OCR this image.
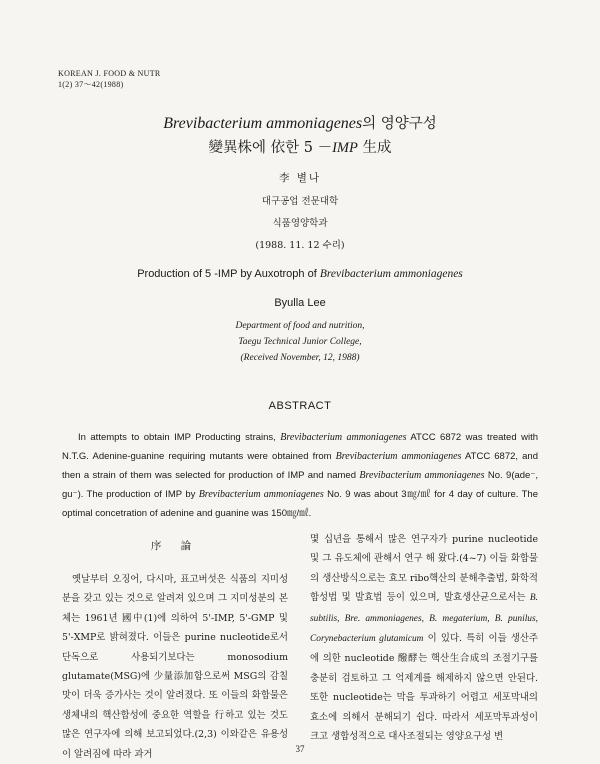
KOREAN J. FOOD & NUTR
1(2) 37～42(1988)
Brevibacterium ammoniagenes의 영양구성
變異株에 依한 5 －IMP 生成
李 별나
대구공업 전문대학
식품영양학과
(1988. 11. 12 수리)
Production of 5 -IMP by Auxotroph of Brevibacterium ammoniagenes
Byulla Lee
Department of food and nutrition,
Taegu Technical Junior College,
(Received November, 12, 1988)
ABSTRACT

In attempts to obtain IMP Producting strains, Brevibacterium ammoniagenes ATCC 6872 was treated with N.T.G. Adenine-guanine requiring mutants were obtained from Brevibacterium ammoniagenes ATCC 6872, and then a strain of them was selected for production of IMP and named Brevibacterium ammoniagenes No. 9(ade⁻, gu⁻). The production of IMP by Brevibacterium ammoniagenes No. 9 was about 3㎎/㎖ for 4 day of culture. The optimal concetration of adenine and guanine was 150㎎/㎖.

序 論

옛날부터 오징어, 다시마, 표고버섯은 식품의 지미성분을 갖고 있는 것으로 알려져 있으며 그 지미성분의 본체는 1961년 國中(1)에 의하여 5'-IMP, 5'-GMP 및 5'-XMP로 밝혀졌다. 이들은 purine nucleotide로서 단독으로 사용되기보다는 monosodium glutamate(MSG)에 少量添加함으로써 MSG의 감칠맛이 더욱 증가사는 것이 알려졌다. 또 이들의 화합물은 생체내의 핵산합성에 중요한 역할을 行하고 있는 것도 많은 연구자에 의해 보고되었다.(2,3) 이와같은 유용성이 알려짐에 따라 과거

몇 십년을 통해서 많은 연구자가 purine nucleotide 및 그 유도체에 관해서 연구 해 왔다.(4~7) 이들 화합물의 생산방식으로는 효모 ribo핵산의 분해추출법, 화학적합성법 및 발효법 등이 있으며, 발효생산균으로서는 B. subtilis, Bre. ammoniagenes, B. megaterium, B. punilus, Corynebacterium glutamicum 이 있다. 특히 이들 생산주에 의한 nucleotide 醱酵는 핵산生合成의 조절기구를 충분히 검토하고 그 억제계를 해제하지 않으면 안된다. 또한 nucleotide는 막을 투과하기 어렵고 세포막내의 효소에 의해서 분해되기 쉽다. 따라서 세포막투과성이 크고 생합성적으로 대사조절되는 영양요구성 변

37
